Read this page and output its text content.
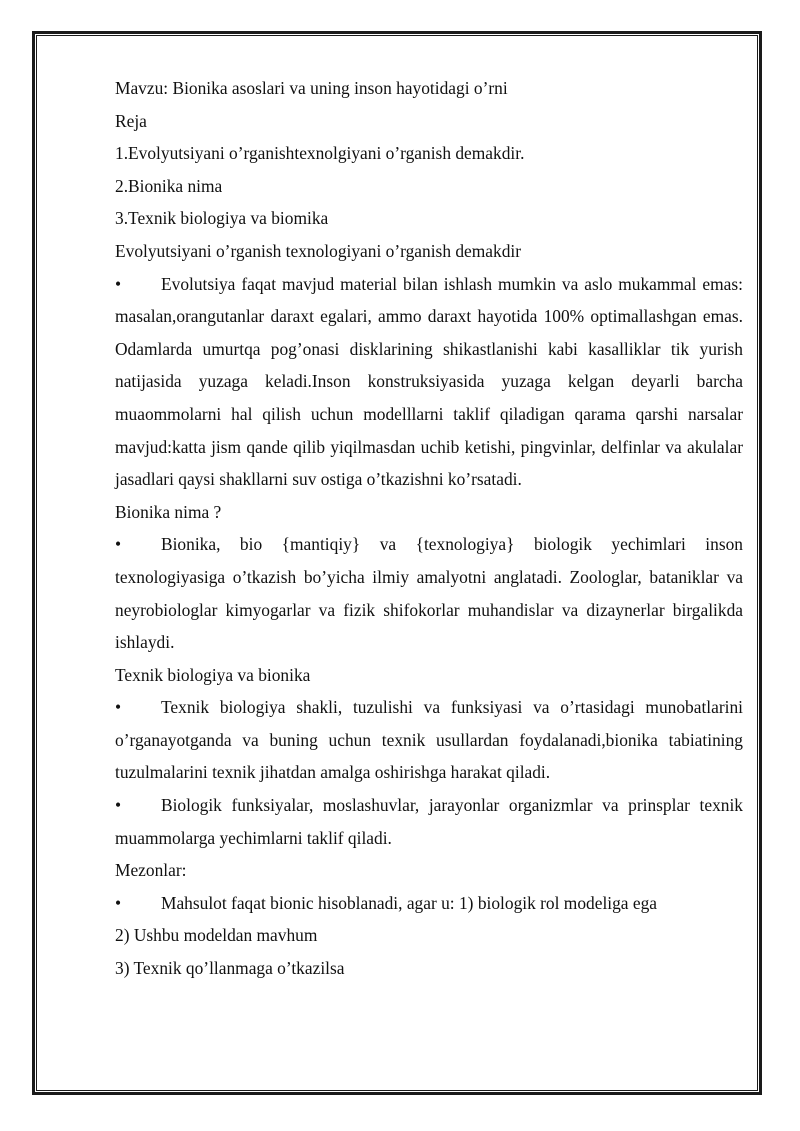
Mavzu: Bionika asoslari va uning inson hayotidagi o’rni

Reja

1.Evolyutsiyani o’rganishtexnolgiyani o’rganish demakdir.

2.Bionika nima

3.Texnik biologiya va biomika

Evolyutsiyani o’rganish texnologiyani o’rganish demakdir

• Evolutsiya faqat mavjud material bilan ishlash mumkin va aslo mukammal emas: masalan,orangutanlar daraxt egalari, ammo daraxt hayotida 100% optimallashgan emas. Odamlarda umurtqa pog’onasi disklarining shikastlanishi kabi kasalliklar tik yurish natijasida yuzaga keladi.Inson konstruksiyasida yuzaga kelgan deyarli barcha muaommolarni hal qilish uchun modelllarni taklif qiladigan qarama qarshi narsalar mavjud:katta jism qande qilib yiqilmasdan uchib ketishi, pingvinlar, delfinlar va akulalar jasadlari qaysi shakllarni suv ostiga o’tkazishni ko’rsatadi.

Bionika nima ?

• Bionika, bio {mantiqiy} va {texnologiya} biologik yechimlari inson texnologiyasiga o’tkazish bo’yicha ilmiy amalyotni anglatadi. Zoologlar, bataniklar va neyrobiologlar kimyogarlar va fizik shifokorlar muhandislar va dizaynerlar birgalikda ishlaydi.

Texnik biologiya va bionika

• Texnik biologiya shakli, tuzulishi va funksiyasi va o’rtasidagi munobatlarini o’rganayotganda va buning uchun texnik usullardan foydalanadi,bionika tabiatining tuzulmalarini texnik jihatdan amalga oshirishga harakat qiladi.

• Biologik funksiyalar, moslashuvlar, jarayonlar organizmlar va prinsplar texnik muammolarga yechimlarni taklif qiladi.

Mezonlar:

• Mahsulot faqat bionic hisoblanadi, agar u: 1) biologik rol modeliga ega

2) Ushbu modeldan mavhum

3) Texnik qo’llanmaga o’tkazilsa
